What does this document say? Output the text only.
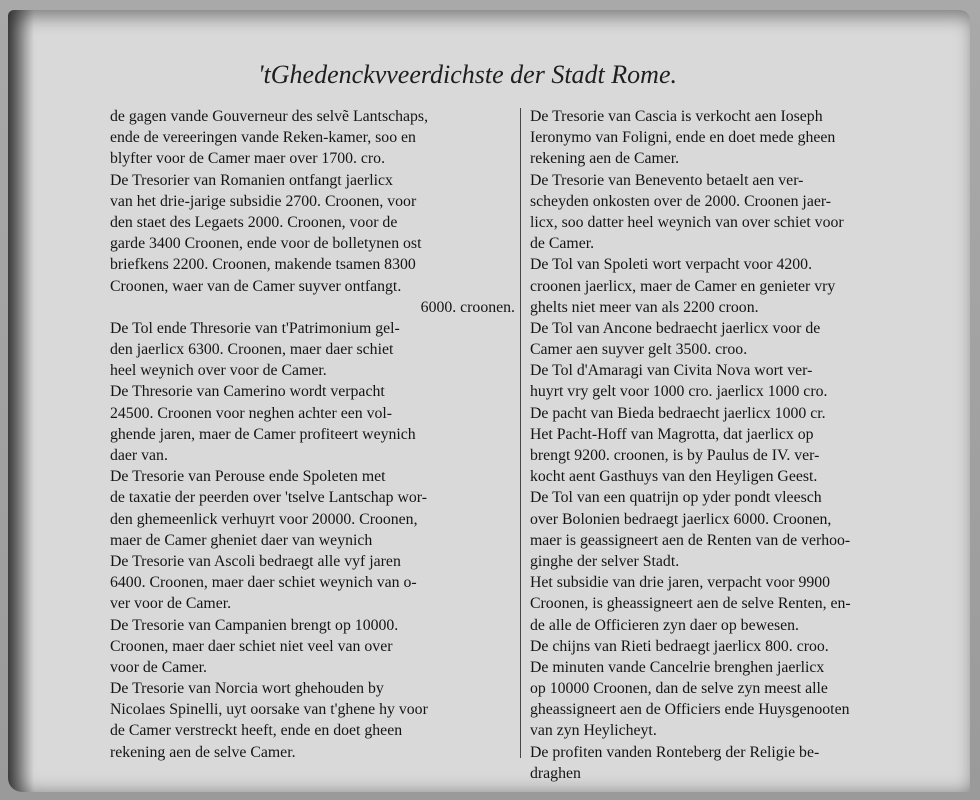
'tGhedenckvveerdichste der Stadt Rome.
de gagen vande Gouverneur des selvẽ Lantschaps,
ende de vereeringen vande Reken-kamer, soo en
blyfter voor de Camer maer over 1700. cro.
De Tresorier van Romanien ontfangt jaerlicx
van het drie-jarige subsidie 2700. Croonen, voor
den staet des Legaets 2000. Croonen, voor de
garde 3400 Croonen, ende voor de bolletynen ost
briefkens 2200. Croonen, makende tsamen 8300
Croonen, waer van de Camer suyver ontfangt.
6000. croonen.
De Tol ende Thresorie van t'Patrimonium gel-
den jaerlicx 6300. Croonen, maer daer schiet
heel weynich over voor de Camer.
De Thresorie van Camerino wordt verpacht
24500. Croonen voor neghen achter een vol-
ghende jaren, maer de Camer profiteert weynich
daer van.
De Tresorie van Perouse ende Spoleten met
de taxatie der peerden over 'tselve Lantschap wor-
den ghemeenlick verhuyrt voor 20000. Croonen,
maer de Camer gheniet daer van weynich
De Tresorie van Ascoli bedraegt alle vyf jaren
6400. Croonen, maer daer schiet weynich van o-
ver voor de Camer.
De Tresorie van Campanien brengt op 10000.
Croonen, maer daer schiet niet veel van over
voor de Camer.
De Tresorie van Norcia wort ghehouden by
Nicolaes Spinelli, uyt oorsake van t'ghene hy voor
de Camer verstreckt heeft, ende en doet gheen
rekening aen de selve Camer.
De Tresorie van Cascia is verkocht aen Ioseph
Ieronymo van Foligni, ende en doet mede gheen
rekening aen de Camer.
De Tresorie van Benevento betaelt aen ver-
scheyden onkosten over de 2000. Croonen jaer-
licx, soo datter heel weynich van over schiet voor
de Camer.
De Tol van Spoleti wort verpacht voor 4200.
croonen jaerlicx, maer de Camer en genieter vry
ghelts niet meer van als 2200 croon.
De Tol van Ancone bedraecht jaerlicx voor de
Camer aen suyver gelt 3500. croo.
De Tol d'Amaragi van Civita Nova wort ver-
huyrt vry gelt voor 1000 cro. jaerlicx 1000 cro.
De pacht van Bieda bedraecht jaerlicx 1000 cr.
Het Pacht-Hoff van Magrotta, dat jaerlicx op
brengt 9200. croonen, is by Paulus de IV. ver-
kocht aent Gasthuys van den Heyligen Geest.
De Tol van een quatrijn op yder pondt vleesch
over Bolonien bedraegt jaerlicx 6000. Croonen,
maer is geassigneert aen de Renten van de verhoo-
ginghe der selver Stadt.
Het subsidie van drie jaren, verpacht voor 9900
Croonen, is gheassigneert aen de selve Renten, en-
de alle de Officieren zyn daer op bewesen.
De chijns van Rieti bedraegt jaerlicx 800. croo.
De minuten vande Cancelrie brenghen jaerlicx
op 10000 Croonen, dan de selve zyn meest alle
gheassigneert aen de Officiers ende Huysgenooten
van zyn Heylicheyt.
De profiten vanden Ronteberg der Religie be-
draghen
